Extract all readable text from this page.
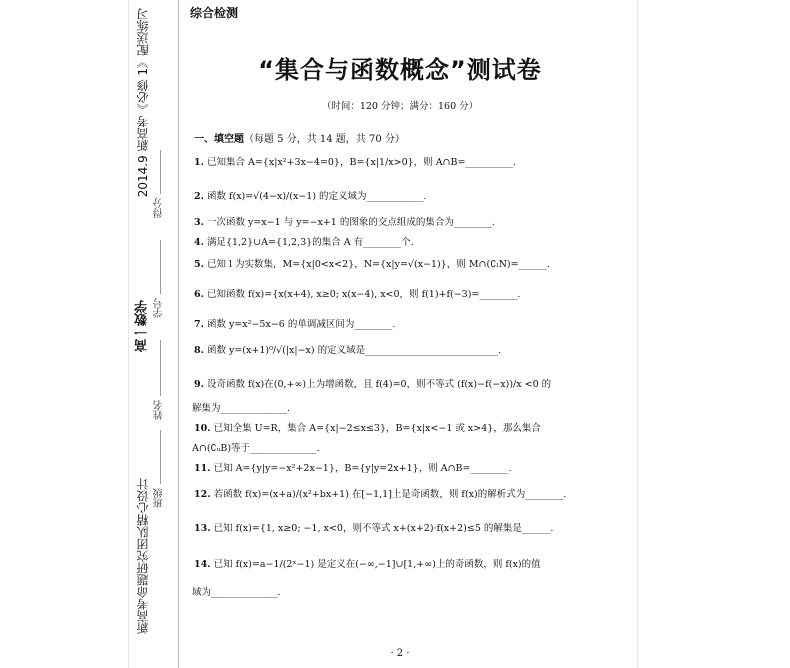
2014.9 新高考《必修 1》配送练习
高一数学
新高考命题研究团队精心设计
得分
学号
姓名
班级
综合检测
“集合与函数概念”测试卷
（时间：120 分钟；满分：160 分）
一、填空题（每题 5 分，共 14 题，共 70 分）
1. 已知集合 A={x|x²+3x−4=0}，B={x|1/x>0}，则 A∩B=__________.
2. 函数 f(x)=√(4−x)/(x−1) 的定义域为____________.
3. 一次函数 y=x−1 与 y=−x+1 的图象的交点组成的集合为________.
4. 满足{1,2}∪A={1,2,3}的集合 A 有________个.
5. 已知 l 为实数集，M={x|0<x<2}，N={x|y=√(x−1)}，则 M∩(∁ₗN)=______.
6. 已知函数 f(x)={x(x+4), x≥0; x(x−4), x<0，则 f(1)+f(−3)=________.
7. 函数 y=x²−5x−6 的单调减区间为________.
8. 函数 y=(x+1)⁰/√(|x|−x) 的定义域是____________________________.
9. 设奇函数 f(x)在(0,+∞)上为增函数，且 f(4)=0，则不等式 (f(x)−f(−x))/x <0 的
解集为______________.
10. 已知全集 U=R，集合 A={x|−2≤x≤3}，B={x|x<−1 或 x>4}，那么集合
A∩(∁ᵤB)等于______________.
11. 已知 A={y|y=−x²+2x−1}，B={y|y=2x+1}，则 A∩B=________.
12. 若函数 f(x)=(x+a)/(x²+bx+1) 在[−1,1]上是奇函数，则 f(x)的解析式为________.
13. 已知 f(x)={1, x≥0; −1, x<0，则不等式 x+(x+2)·f(x+2)≤5 的解集是______.
14. 已知 f(x)=a−1/(2ˣ−1) 是定义在(−∞,−1]∪[1,+∞)上的奇函数，则 f(x)的值
域为______________.
· 2 ·
